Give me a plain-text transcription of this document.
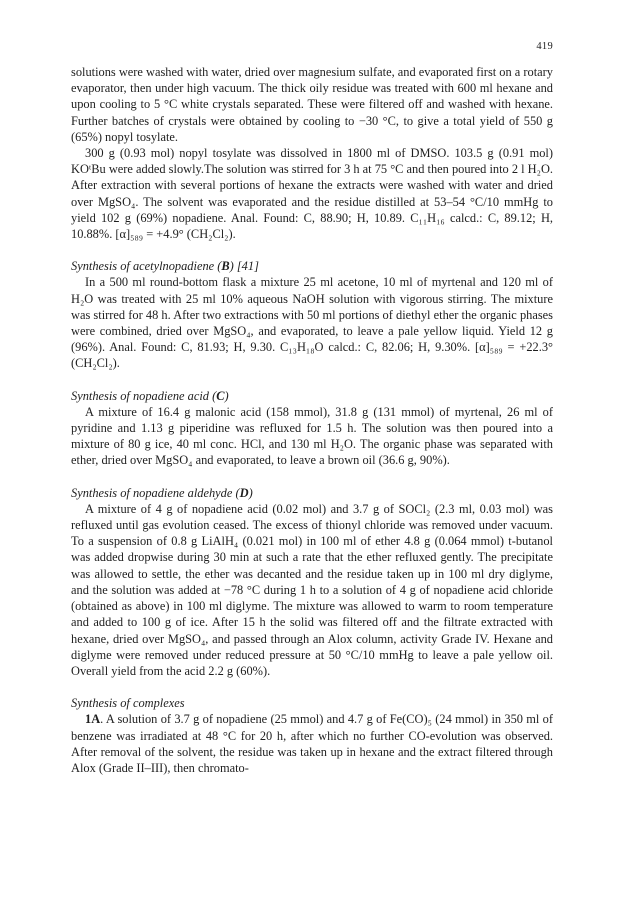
419

solutions were washed with water, dried over magnesium sulfate, and evaporated first on a rotary evaporator, then under high vacuum. The thick oily residue was treated with 600 ml hexane and upon cooling to 5 °C white crystals separated. These were filtered off and washed with hexane. Further batches of crystals were obtained by cooling to −30 °C, to give a total yield of 550 g (65%) nopyl tosylate.

300 g (0.93 mol) nopyl tosylate was dissolved in 1800 ml of DMSO. 103.5 g (0.91 mol) KOᵗBu were added slowly.The solution was stirred for 3 h at 75 °C and then poured into 2 l H₂O. After extraction with several portions of hexane the extracts were washed with water and dried over MgSO₄. The solvent was evaporated and the residue distilled at 53–54 °C/10 mmHg to yield 102 g (69%) nopadiene. Anal. Found: C, 88.90; H, 10.89. C₁₁H₁₆ calcd.: C, 89.12; H, 10.88%. [α]₅₈₉ = +4.9° (CH₂Cl₂).

Synthesis of acetylnopadiene (B) [41]

In a 500 ml round-bottom flask a mixture 25 ml acetone, 10 ml of myrtenal and 120 ml of H₂O was treated with 25 ml 10% aqueous NaOH solution with vigorous stirring. The mixture was stirred for 48 h. After two extractions with 50 ml portions of diethyl ether the organic phases were combined, dried over MgSO₄, and evaporated, to leave a pale yellow liquid. Yield 12 g (96%). Anal. Found: C, 81.93; H, 9.30. C₁₃H₁₈O calcd.: C, 82.06; H, 9.30%. [α]₅₈₉ = +22.3° (CH₂Cl₂).

Synthesis of nopadiene acid (C)

A mixture of 16.4 g malonic acid (158 mmol), 31.8 g (131 mmol) of myrtenal, 26 ml of pyridine and 1.13 g piperidine was refluxed for 1.5 h. The solution was then poured into a mixture of 80 g ice, 40 ml conc. HCl, and 130 ml H₂O. The organic phase was separated with ether, dried over MgSO₄ and evaporated, to leave a brown oil (36.6 g, 90%).

Synthesis of nopadiene aldehyde (D)

A mixture of 4 g of nopadiene acid (0.02 mol) and 3.7 g of SOCl₂ (2.3 ml, 0.03 mol) was refluxed until gas evolution ceased. The excess of thionyl chloride was removed under vacuum. To a suspension of 0.8 g LiAlH₄ (0.021 mol) in 100 ml of ether 4.8 g (0.064 mmol) t-butanol was added dropwise during 30 min at such a rate that the ether refluxed gently. The precipitate was allowed to settle, the ether was decanted and the residue taken up in 100 ml dry diglyme, and the solution was added at −78 °C during 1 h to a solution of 4 g of nopadiene acid chloride (obtained as above) in 100 ml diglyme. The mixture was allowed to warm to room temperature and added to 100 g of ice. After 15 h the solid was filtered off and the filtrate extracted with hexane, dried over MgSO₄, and passed through an Alox column, activity Grade IV. Hexane and diglyme were removed under reduced pressure at 50 °C/10 mmHg to leave a pale yellow oil. Overall yield from the acid 2.2 g (60%).

Synthesis of complexes

1A. A solution of 3.7 g of nopadiene (25 mmol) and 4.7 g of Fe(CO)₅ (24 mmol) in 350 ml of benzene was irradiated at 48 °C for 20 h, after which no further CO-evolution was observed. After removal of the solvent, the residue was taken up in hexane and the extract filtered through Alox (Grade II–III), then chromato-
